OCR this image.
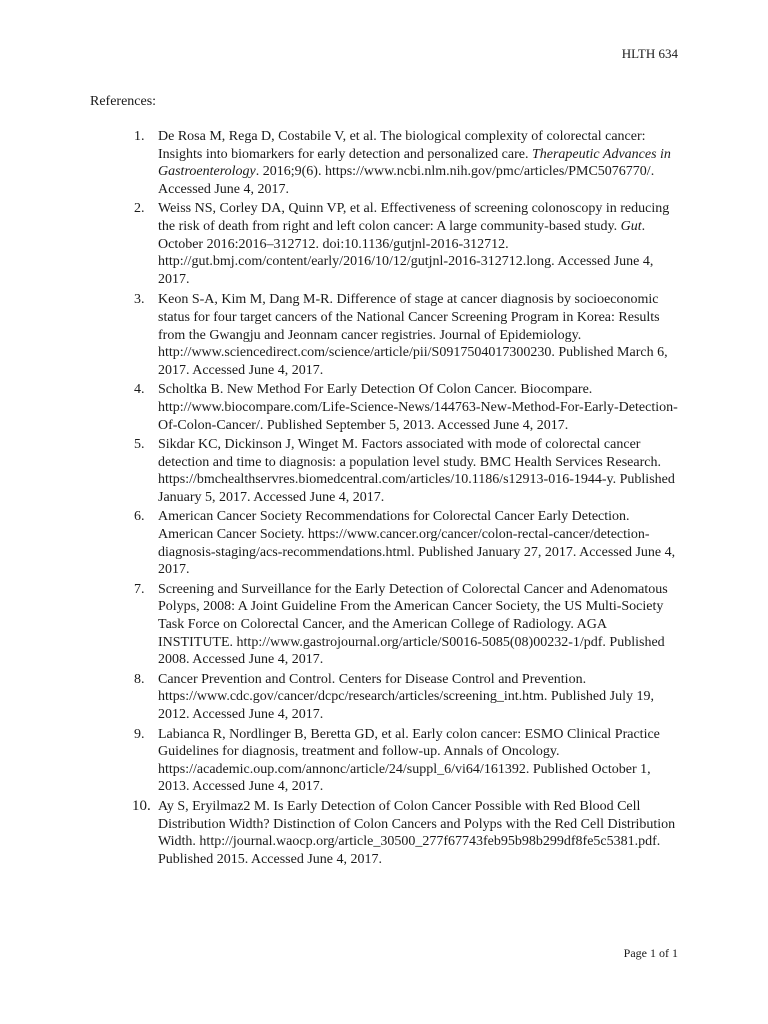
HLTH 634
References:
1. De Rosa M, Rega D, Costabile V, et al. The biological complexity of colorectal cancer: Insights into biomarkers for early detection and personalized care. Therapeutic Advances in Gastroenterology. 2016;9(6). https://www.ncbi.nlm.nih.gov/pmc/articles/PMC5076770/. Accessed June 4, 2017.
2. Weiss NS, Corley DA, Quinn VP, et al. Effectiveness of screening colonoscopy in reducing the risk of death from right and left colon cancer: A large community-based study. Gut. October 2016:2016–312712. doi:10.1136/gutjnl-2016-312712. http://gut.bmj.com/content/early/2016/10/12/gutjnl-2016-312712.long. Accessed June 4, 2017.
3. Keon S-A, Kim M, Dang M-R. Difference of stage at cancer diagnosis by socioeconomic status for four target cancers of the National Cancer Screening Program in Korea: Results from the Gwangju and Jeonnam cancer registries. Journal of Epidemiology. http://www.sciencedirect.com/science/article/pii/S0917504017300230. Published March 6, 2017. Accessed June 4, 2017.
4. Scholtka B. New Method For Early Detection Of Colon Cancer. Biocompare. http://www.biocompare.com/Life-Science-News/144763-New-Method-For-Early-Detection-Of-Colon-Cancer/. Published September 5, 2013. Accessed June 4, 2017.
5. Sikdar KC, Dickinson J, Winget M. Factors associated with mode of colorectal cancer detection and time to diagnosis: a population level study. BMC Health Services Research. https://bmchealthservres.biomedcentral.com/articles/10.1186/s12913-016-1944-y. Published January 5, 2017. Accessed June 4, 2017.
6. American Cancer Society Recommendations for Colorectal Cancer Early Detection. American Cancer Society. https://www.cancer.org/cancer/colon-rectal-cancer/detection-diagnosis-staging/acs-recommendations.html. Published January 27, 2017. Accessed June 4, 2017.
7. Screening and Surveillance for the Early Detection of Colorectal Cancer and Adenomatous Polyps, 2008: A Joint Guideline From the American Cancer Society, the US Multi-Society Task Force on Colorectal Cancer, and the American College of Radiology. AGA INSTITUTE. http://www.gastrojournal.org/article/S0016-5085(08)00232-1/pdf. Published 2008. Accessed June 4, 2017.
8. Cancer Prevention and Control. Centers for Disease Control and Prevention. https://www.cdc.gov/cancer/dcpc/research/articles/screening_int.htm. Published July 19, 2012. Accessed June 4, 2017.
9. Labianca R, Nordlinger B, Beretta GD, et al. Early colon cancer: ESMO Clinical Practice Guidelines for diagnosis, treatment and follow-up. Annals of Oncology. https://academic.oup.com/annonc/article/24/suppl_6/vi64/161392. Published October 1, 2013. Accessed June 4, 2017.
10. Ay S, Eryilmaz2 M. Is Early Detection of Colon Cancer Possible with Red Blood Cell Distribution Width? Distinction of Colon Cancers and Polyps with the Red Cell Distribution Width. http://journal.waocp.org/article_30500_277f67743feb95b98b299df8fe5c5381.pdf. Published 2015. Accessed June 4, 2017.
Page 1 of 1
